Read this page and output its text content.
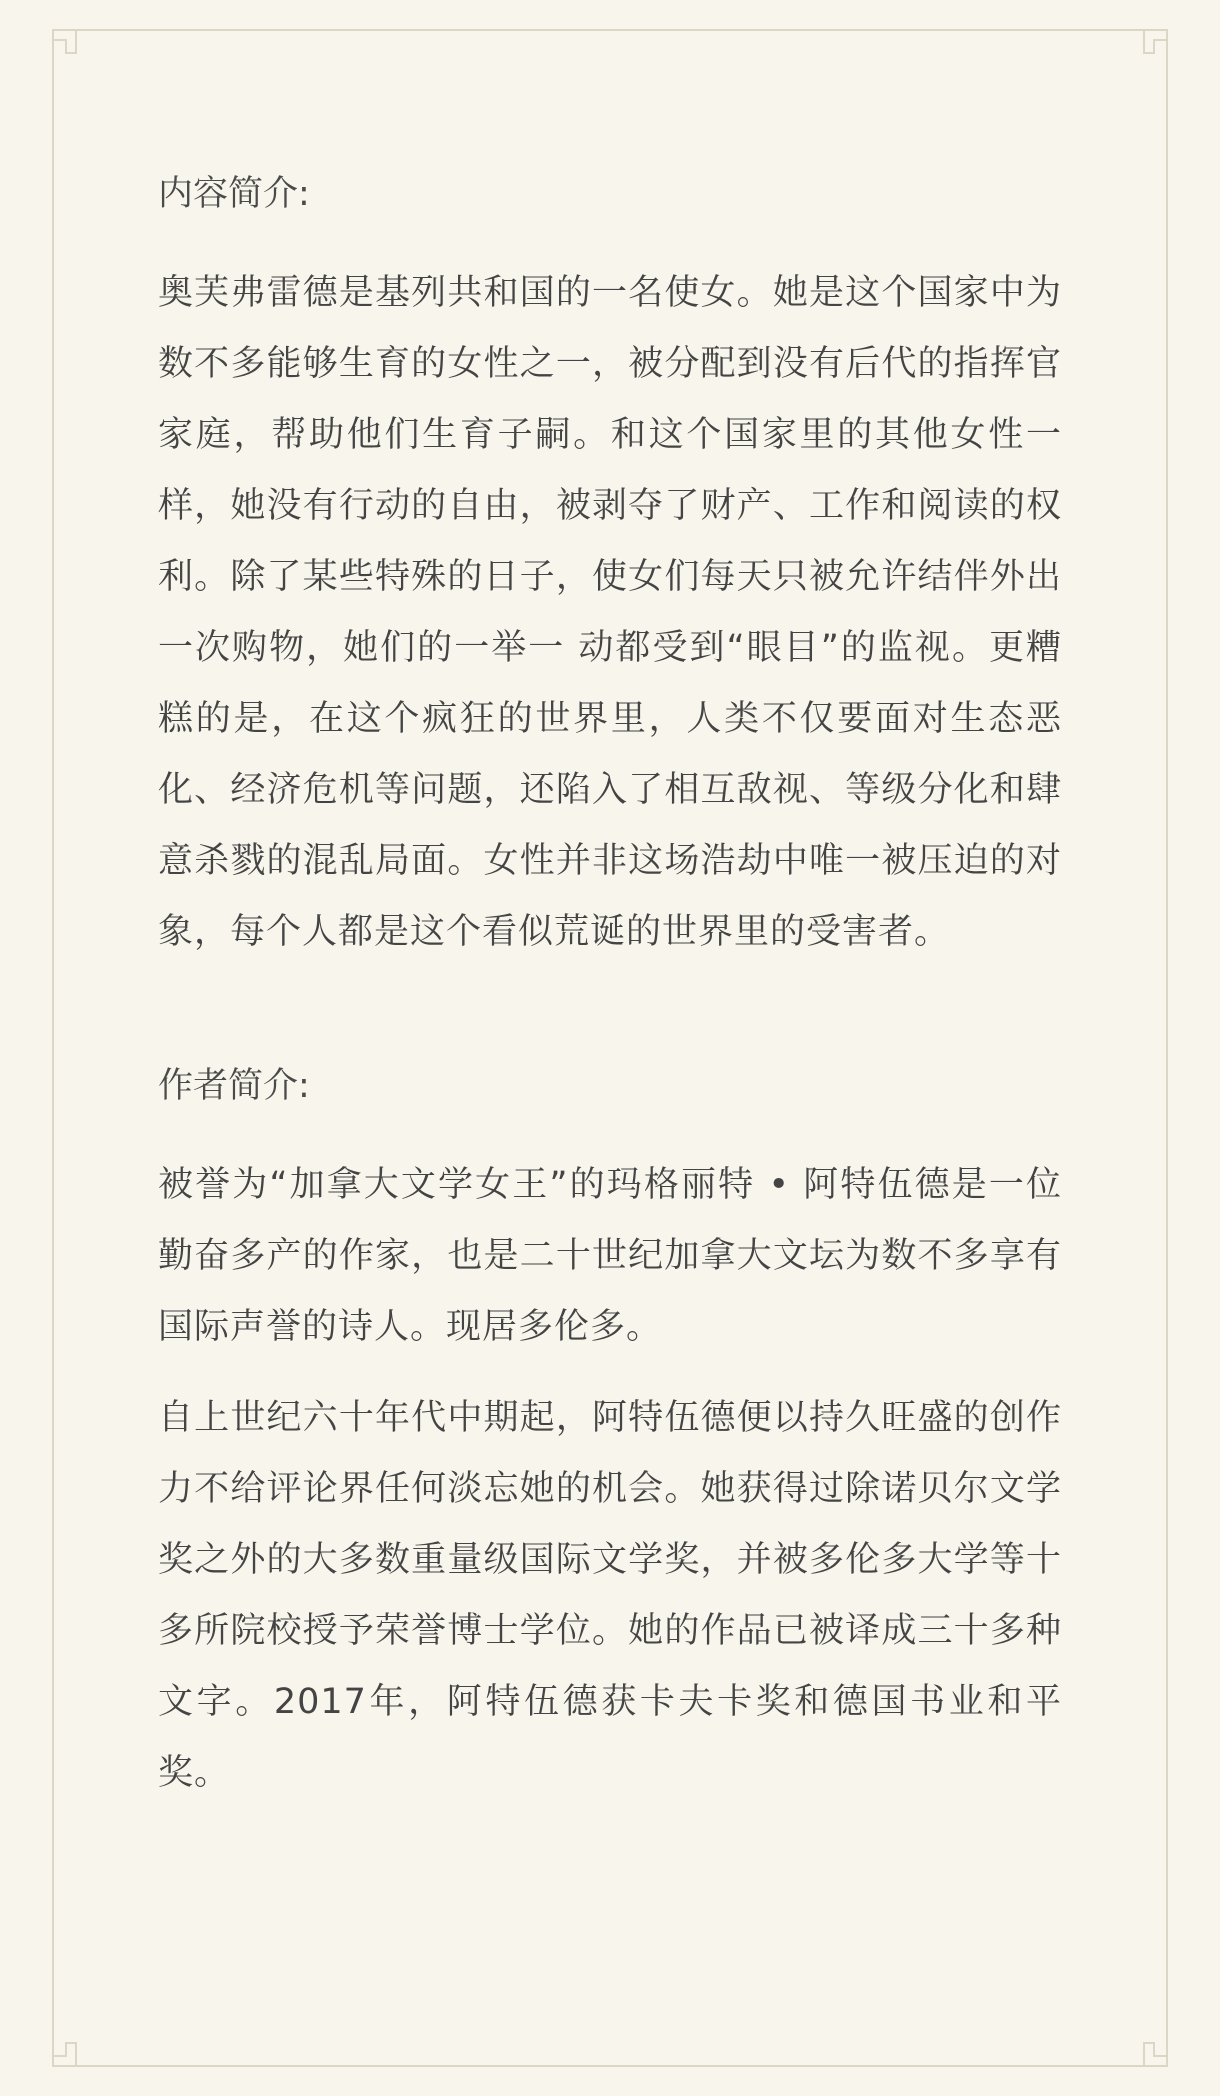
内容简介:

奥芙弗雷德是基列共和国的一名使女。她是这个国家中为数不多能够生育的女性之一，被分配到没有后代的指挥官家庭，帮助他们生育子嗣。和这个国家里的其他女性一样，她没有行动的自由，被剥夺了财产、工作和阅读的权利。除了某些特殊的日子，使女们每天只被允许结伴外出一次购物，她们的一举一 动都受到“眼目”的监视。更糟糕的是，在这个疯狂的世界里，人类不仅要面对生态恶化、经济危机等问题，还陷入了相互敌视、等级分化和肆意杀戮的混乱局面。女性并非这场浩劫中唯一被压迫的对象，每个人都是这个看似荒诞的世界里的受害者。

作者简介:

被誉为“加拿大文学女王”的玛格丽特 • 阿特伍德是一位勤奋多产的作家，也是二十世纪加拿大文坛为数不多享有国际声誉的诗人。现居多伦多。

自上世纪六十年代中期起，阿特伍德便以持久旺盛的创作力不给评论界任何淡忘她的机会。她获得过除诺贝尔文学奖之外的大多数重量级国际文学奖，并被多伦多大学等十多所院校授予荣誉博士学位。她的作品已被译成三十多种文字。2017年，阿特伍德获卡夫卡奖和德国书业和平奖。
